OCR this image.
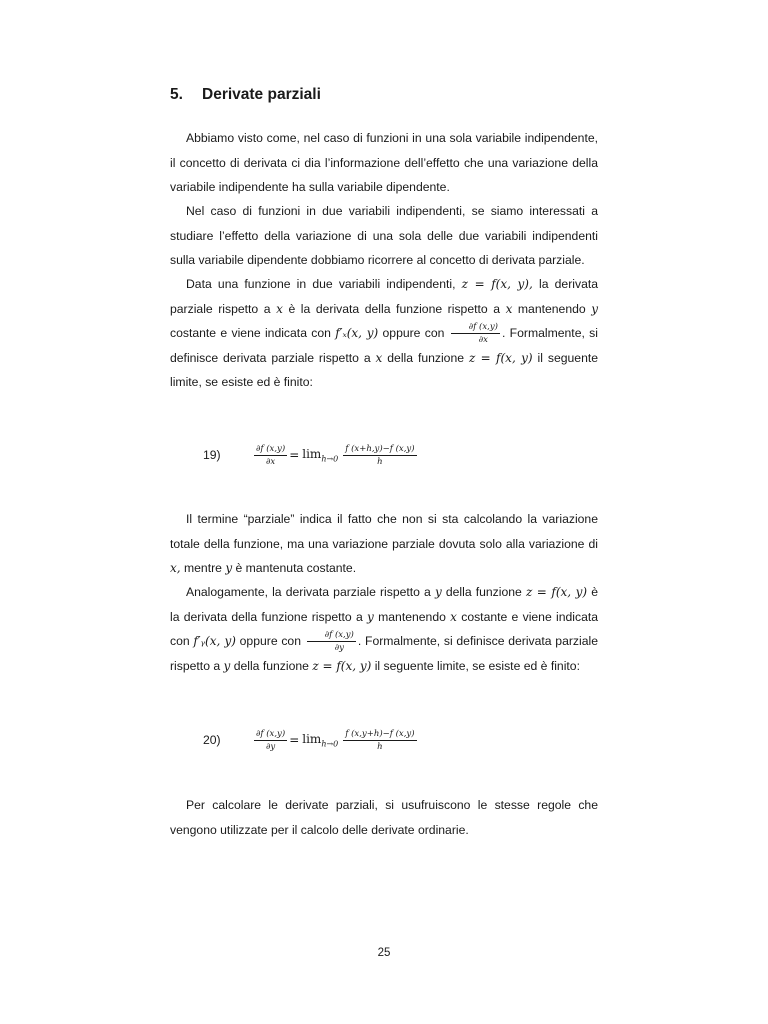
5. Derivate parziali

Abbiamo visto come, nel caso di funzioni in una sola variabile indipendente, il concetto di derivata ci dia l’informazione dell’effetto che una variazione della variabile indipendente ha sulla variabile dipendente.

Nel caso di funzioni in due variabili indipendenti, se siamo interessati a studiare l’effetto della variazione di una sola delle due variabili indipendenti sulla variabile dipendente dobbiamo ricorrere al concetto di derivata parziale.

Data una funzione in due variabili indipendenti, z = f(x, y), la derivata parziale rispetto a x è la derivata della funzione rispetto a x mantenendo y costante e viene indicata con f′ₓ(x, y) oppure con $\frac{\partial f (x,y)}{\partial x}$ . Formalmente, si definisce derivata parziale rispetto a x della funzione z = f(x, y) il seguente limite, se esiste ed è finito:

19)	$\frac{\partial f (x,y)}{\partial x} = \lim_{h\to 0} \frac{f (x+h,y)-f (x,y)}{h}$

Il termine “parziale” indica il fatto che non si sta calcolando la variazione totale della funzione, ma una variazione parziale dovuta solo alla variazione di x, mentre y è mantenuta costante.

Analogamente, la derivata parziale rispetto a y della funzione z = f(x, y) è la derivata della funzione rispetto a y mantenendo x costante e viene indicata con f′ᵧ(x, y) oppure con $\frac{\partial f (x,y)}{\partial y}$ . Formalmente, si definisce derivata parziale rispetto a y della funzione z = f(x, y) il seguente limite, se esiste ed è finito:

20)	$\frac{\partial f (x,y)}{\partial y} = \lim_{h\to 0} \frac{f (x,y+h)-f (x,y)}{h}$

Per calcolare le derivate parziali, si usufruiscono le stesse regole che vengono utilizzate per il calcolo delle derivate ordinarie.

25
